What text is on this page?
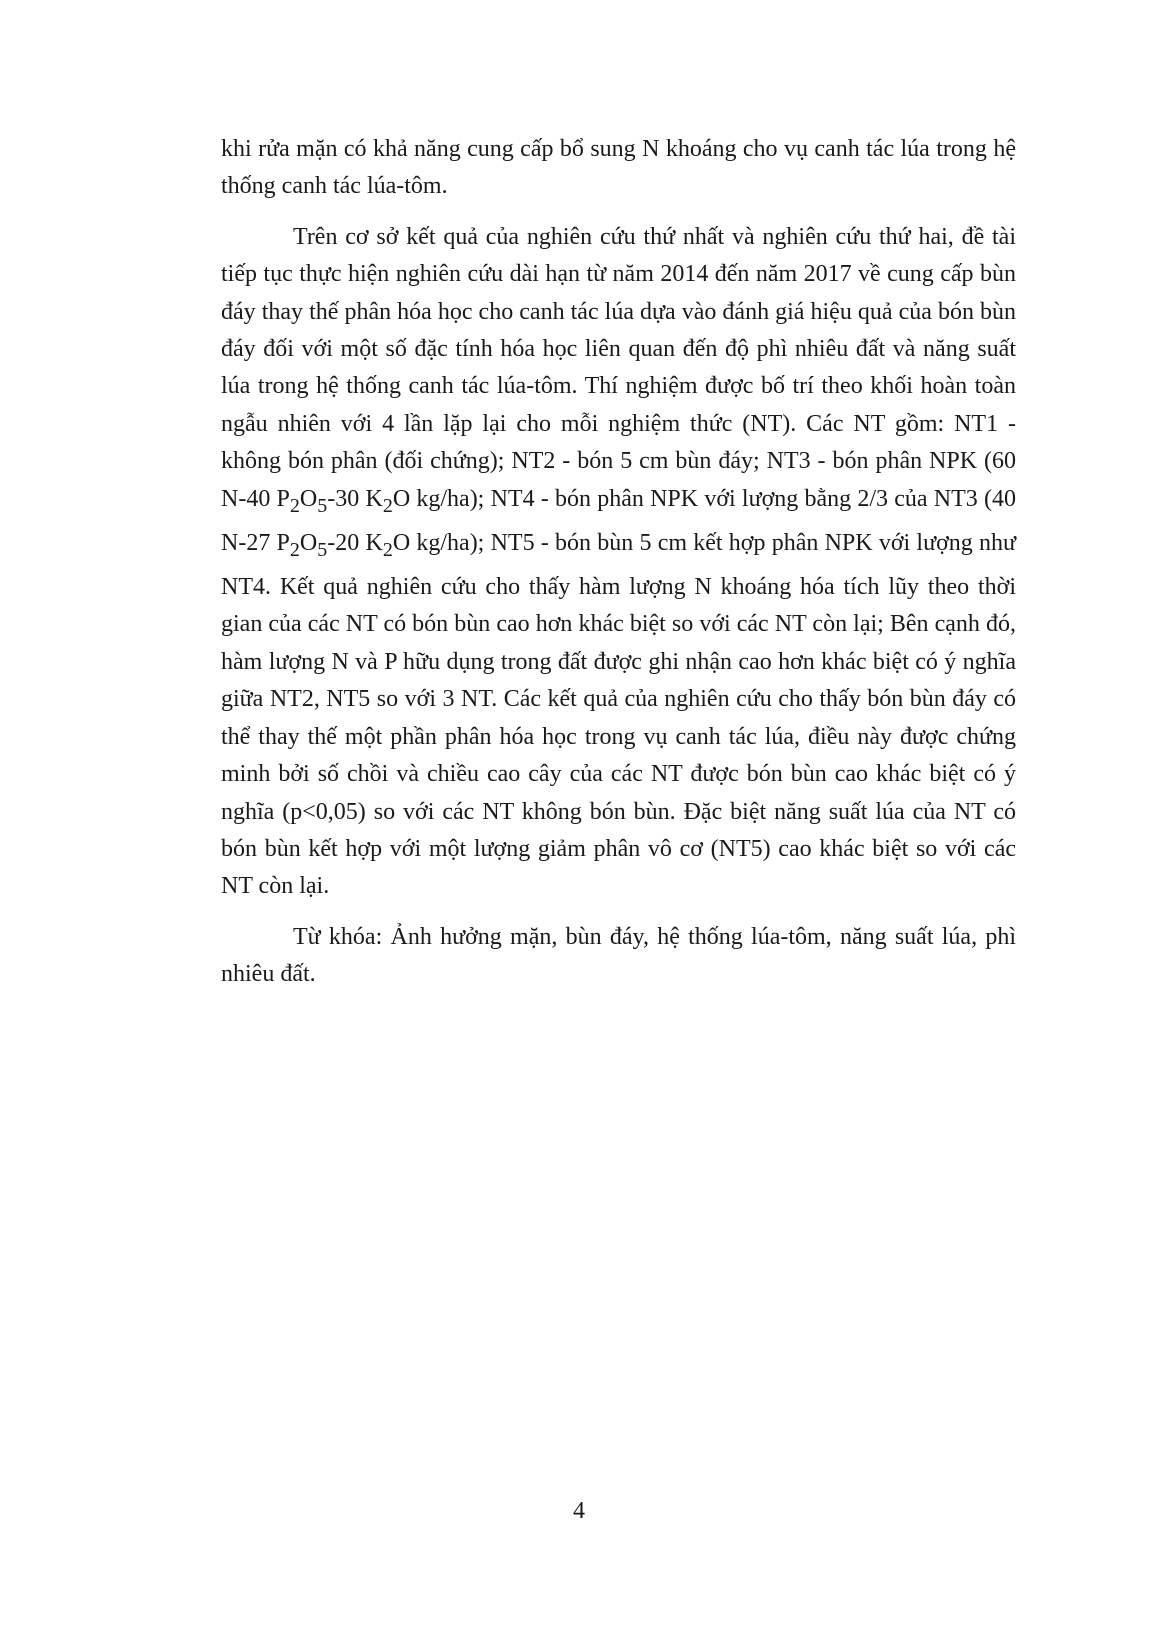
khi rửa mặn có khả năng cung cấp bổ sung N khoáng cho vụ canh tác lúa trong hệ thống canh tác lúa-tôm.

Trên cơ sở kết quả của nghiên cứu thứ nhất và nghiên cứu thứ hai, đề tài tiếp tục thực hiện nghiên cứu dài hạn từ năm 2014 đến năm 2017 về cung cấp bùn đáy thay thế phân hóa học cho canh tác lúa dựa vào đánh giá hiệu quả của bón bùn đáy đối với một số đặc tính hóa học liên quan đến độ phì nhiêu đất và năng suất lúa trong hệ thống canh tác lúa-tôm. Thí nghiệm được bố trí theo khối hoàn toàn ngẫu nhiên với 4 lần lặp lại cho mỗi nghiệm thức (NT). Các NT gồm: NT1 - không bón phân (đối chứng); NT2 - bón 5 cm bùn đáy; NT3 - bón phân NPK (60 N-40 $P_2O_5-30$ $K_2O$ kg/ha); NT4 - bón phân NPK với lượng bằng 2/3 của NT3 (40 N-27 $P_2O_5-20$ $K_2O$ kg/ha); NT5 - bón bùn 5 cm kết hợp phân NPK với lượng như NT4. Kết quả nghiên cứu cho thấy hàm lượng N khoáng hóa tích lũy theo thời gian của các NT có bón bùn cao hơn khác biệt so với các NT còn lại; Bên cạnh đó, hàm lượng N và P hữu dụng trong đất được ghi nhận cao hơn khác biệt có ý nghĩa giữa NT2, NT5 so với 3 NT. Các kết quả của nghiên cứu cho thấy bón bùn đáy có thể thay thế một phần phân hóa học trong vụ canh tác lúa, điều này được chứng minh bởi số chồi và chiều cao cây của các NT được bón bùn cao khác biệt có ý nghĩa (p<0,05) so với các NT không bón bùn. Đặc biệt năng suất lúa của NT có bón bùn kết hợp với một lượng giảm phân vô cơ (NT5) cao khác biệt so với các NT còn lại.

Từ khóa: Ảnh hưởng mặn, bùn đáy, hệ thống lúa-tôm, năng suất lúa, phì nhiêu đất.

4
